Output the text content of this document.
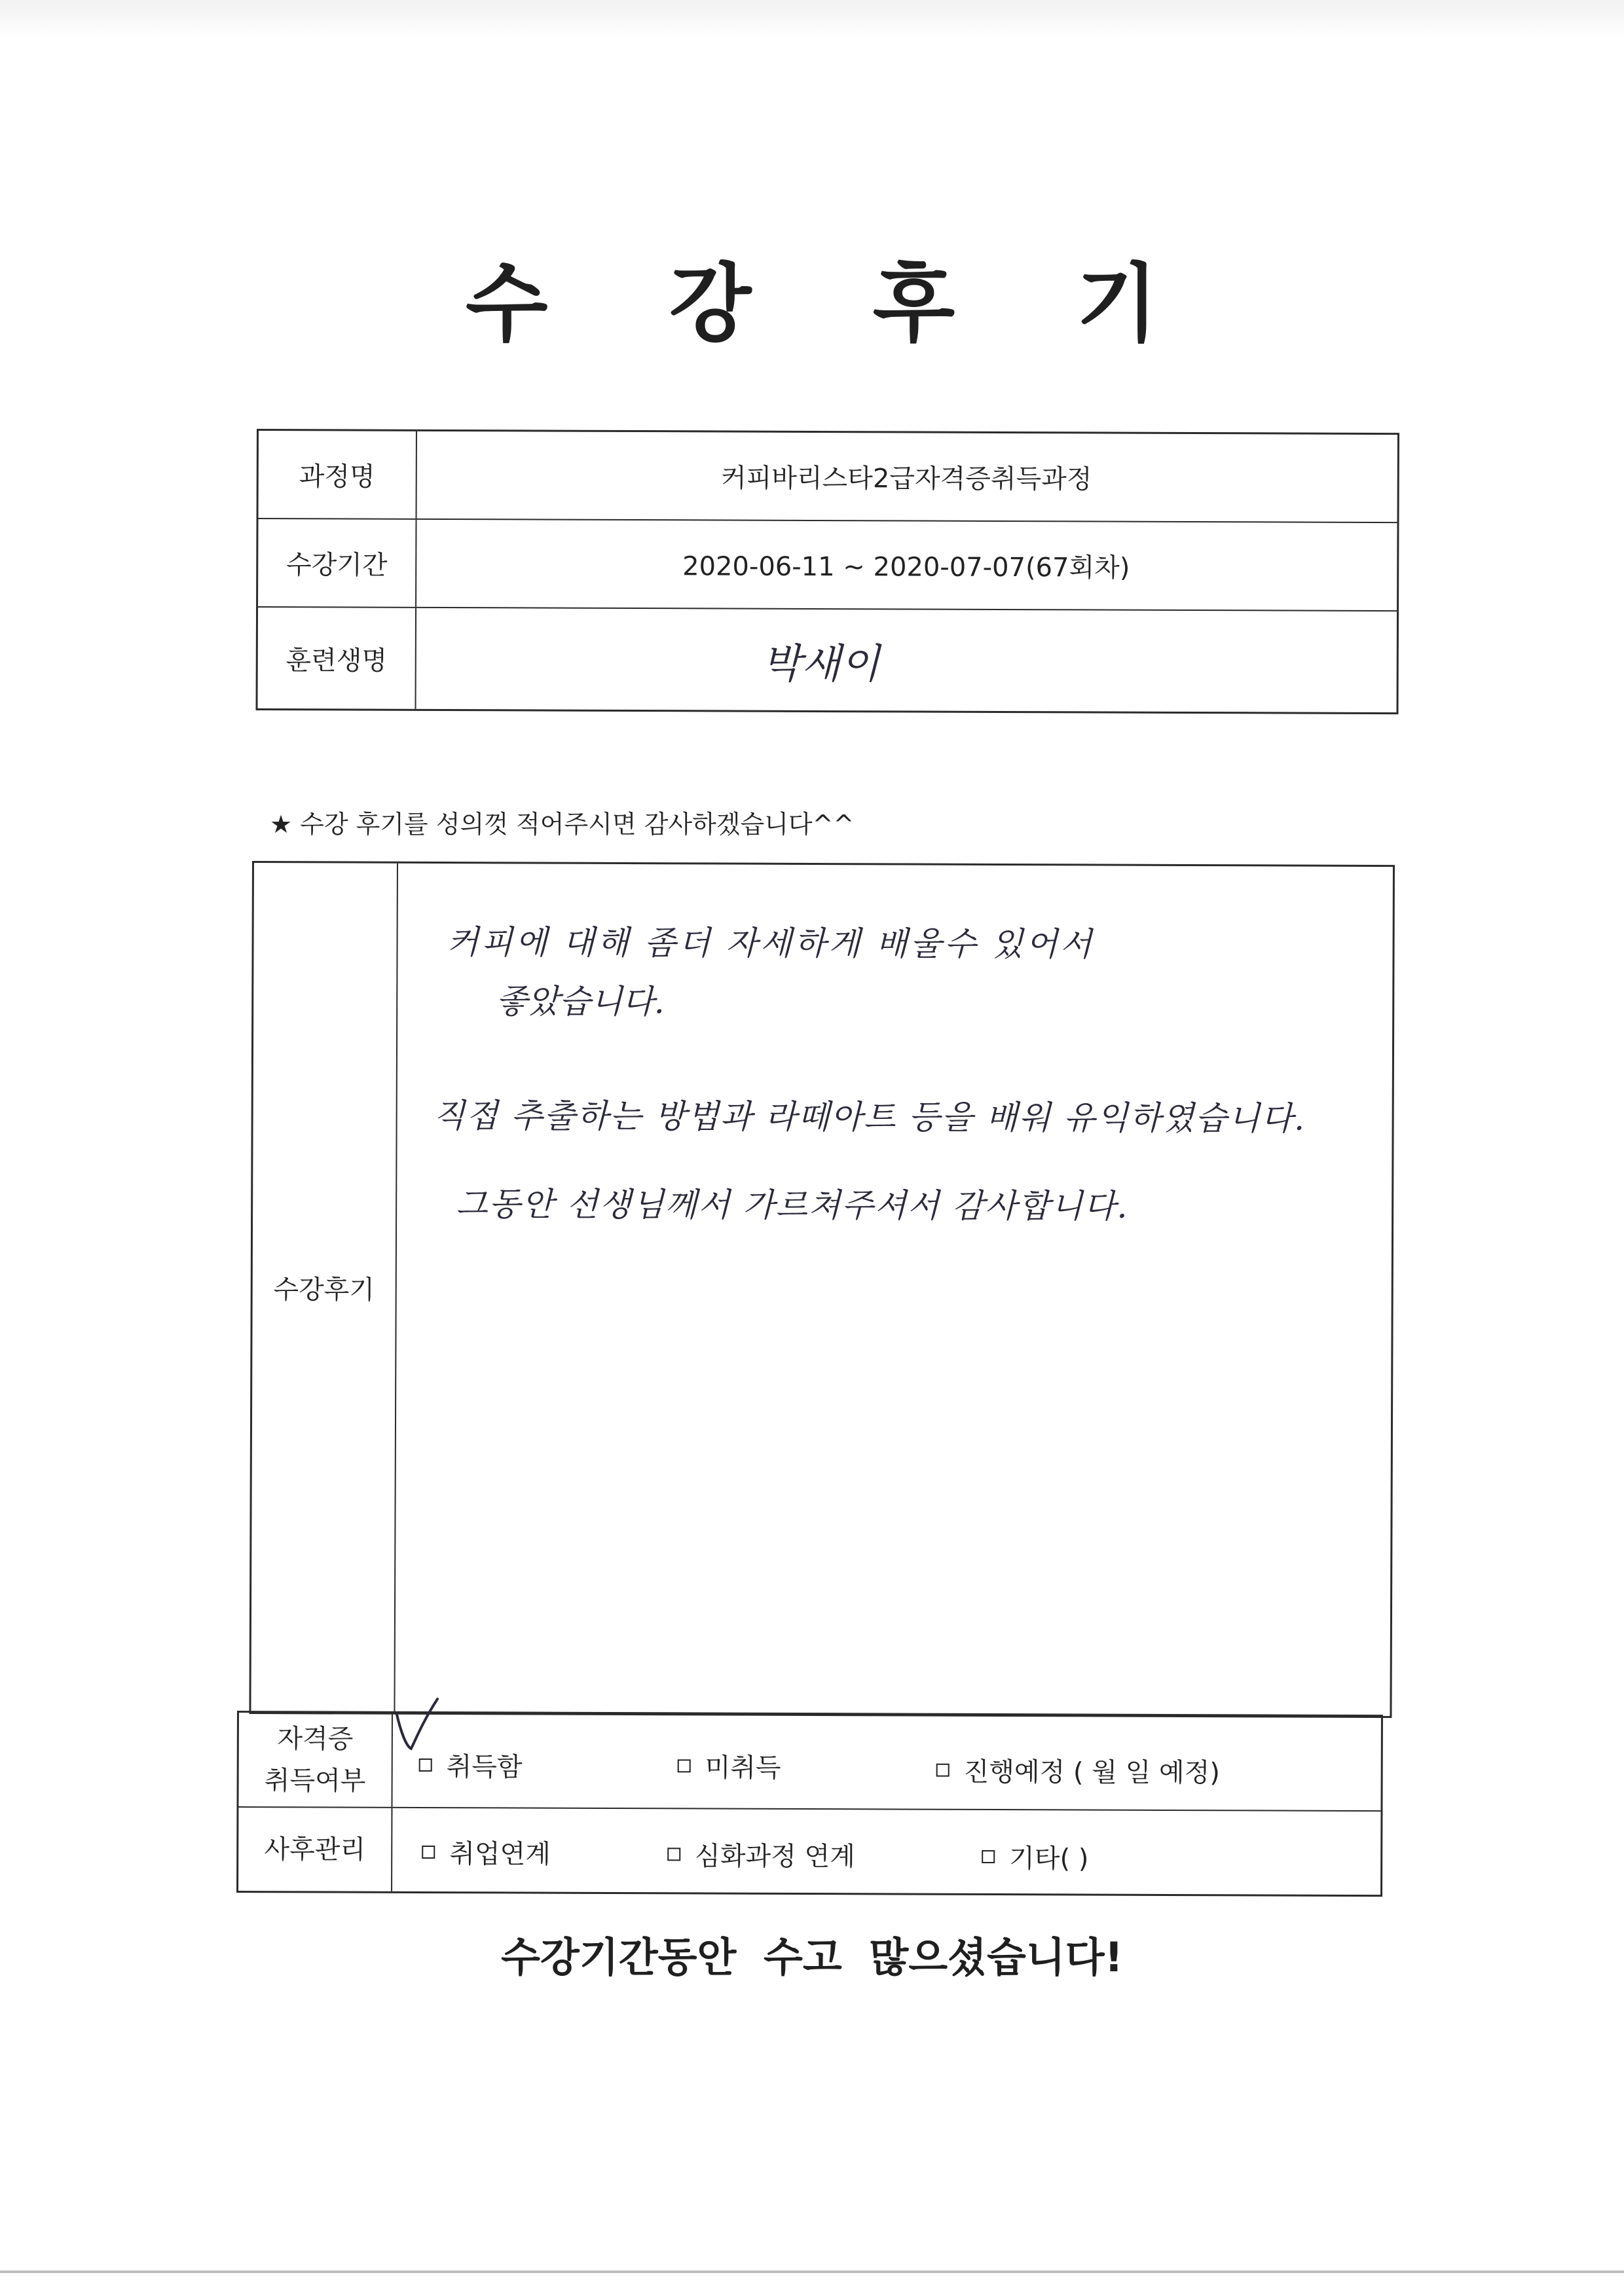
수 강 후 기
과정명	커피바리스타2급자격증취득과정
수강기간	2020-06-11 ~ 2020-07-07(67회차)
훈련생명	박새이
★ 수강 후기를 성의껏 적어주시면 감사하겠습니다^^
수강후기
커피에 대해 좀더 자세하게 배울수 있어서
좋았습니다.
직접 추출하는 방법과 라떼아트 등을 배워 유익하였습니다.
그동안 선생님께서 가르쳐주셔서 감사합니다.
자격증
취득여부	취득함	미취득	진행예정 ( 월 일 예정)
사후관리	취업연계	심화과정 연계	기타( )
수강기간동안 수고 많으셨습니다!
